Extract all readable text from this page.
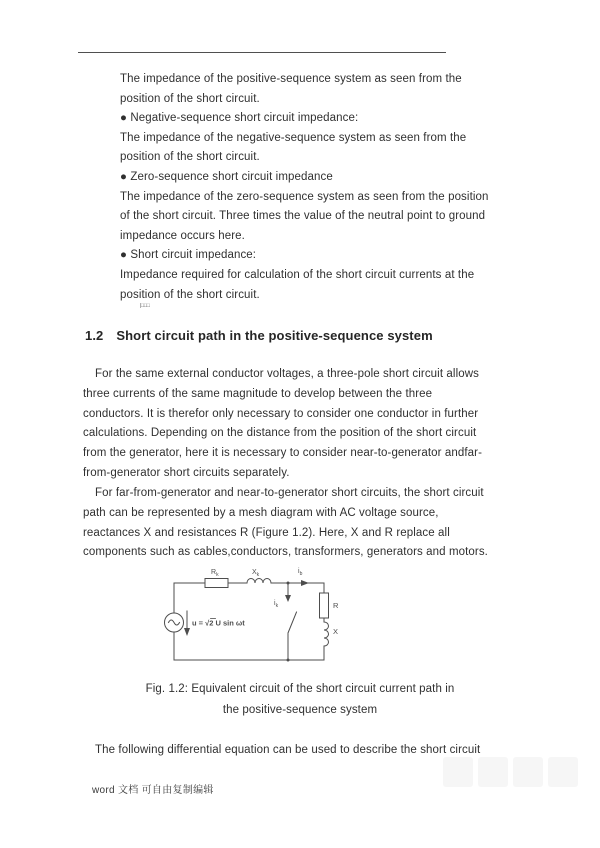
The impedance of the positive-sequence system as seen from the
position of the short circuit.
● Negative-sequence short circuit impedance:
The impedance of the negative-sequence system as seen from the
position of the short circuit.
● Zero-sequence short circuit impedance
The impedance of the zero-sequence system as seen from the position
of the short circuit. Three times the value of the neutral point to ground
impedance occurs here.
● Short circuit impedance:
Impedance required for calculation of the short circuit currents at the
position of the short circuit.
|□□□
1.2 Short circuit path in the positive-sequence system
For the same external conductor voltages, a three-pole short circuit allows
three currents of the same magnitude to develop between the three
conductors. It is therefor only necessary to consider one conductor in further
calculations. Depending on the distance from the position of the short circuit
from the generator, here it is necessary to consider near-to-generator andfar-
from-generator short circuits separately.
For far-from-generator and near-to-generator short circuits, the short circuit
path can be represented by a mesh diagram with AC voltage source,
reactances X and resistances R (Figure 1.2). Here, X and R replace all
components such as cables,conductors, transformers, generators and motors.
$R_k$	$X_k$	$i_b$
$i_k$	R
X
u = √2 U sin ωt
Fig. 1.2: Equivalent circuit of the short circuit current path in
the positive-sequence system
The following differential equation can be used to describe the short circuit
word 文档 可自由复制编辑
